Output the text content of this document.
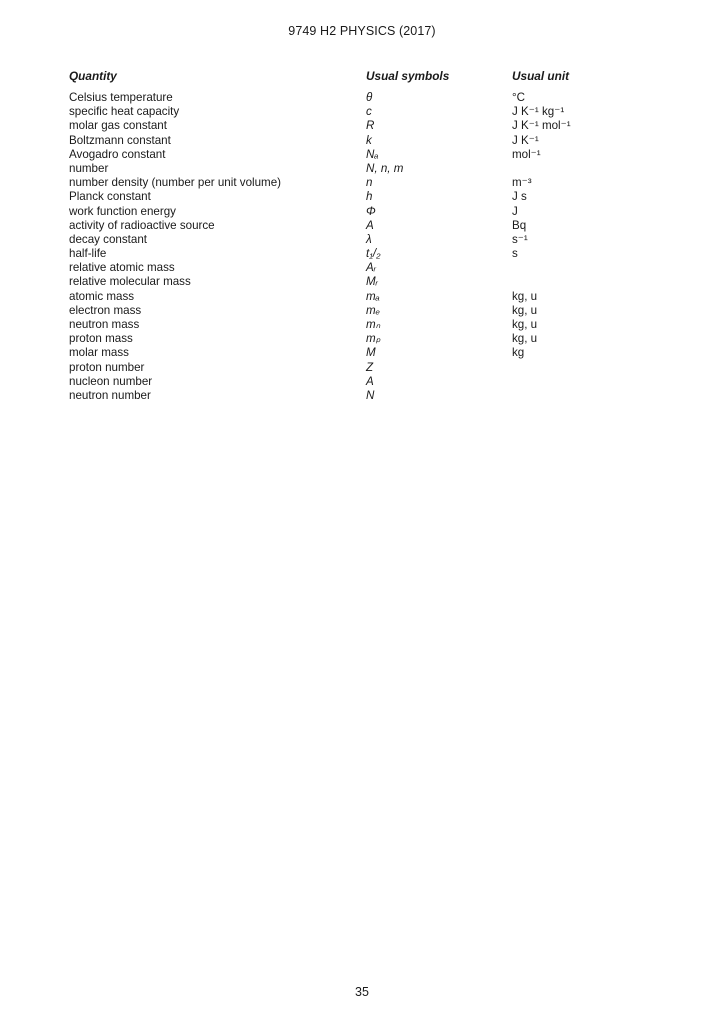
9749 H2 PHYSICS (2017)
Quantity	Usual symbols	Usual unit
Celsius temperature	θ	°C
specific heat capacity	c	J K⁻¹ kg⁻¹
molar gas constant	R	J K⁻¹ mol⁻¹
Boltzmann constant	k	J K⁻¹
Avogadro constant	Nₐ	mol⁻¹
number	N, n, m
number density (number per unit volume)	n	m⁻³
Planck constant	h	J s
work function energy	Φ	J
activity of radioactive source	A	Bq
decay constant	λ	s⁻¹
half-life	t₁/₂	s
relative atomic mass	Aᵣ
relative molecular mass	Mᵣ
atomic mass	mₐ	kg, u
electron mass	mₑ	kg, u
neutron mass	mₙ	kg, u
proton mass	mₚ	kg, u
molar mass	M	kg
proton number	Z
nucleon number	A
neutron number	N
35
